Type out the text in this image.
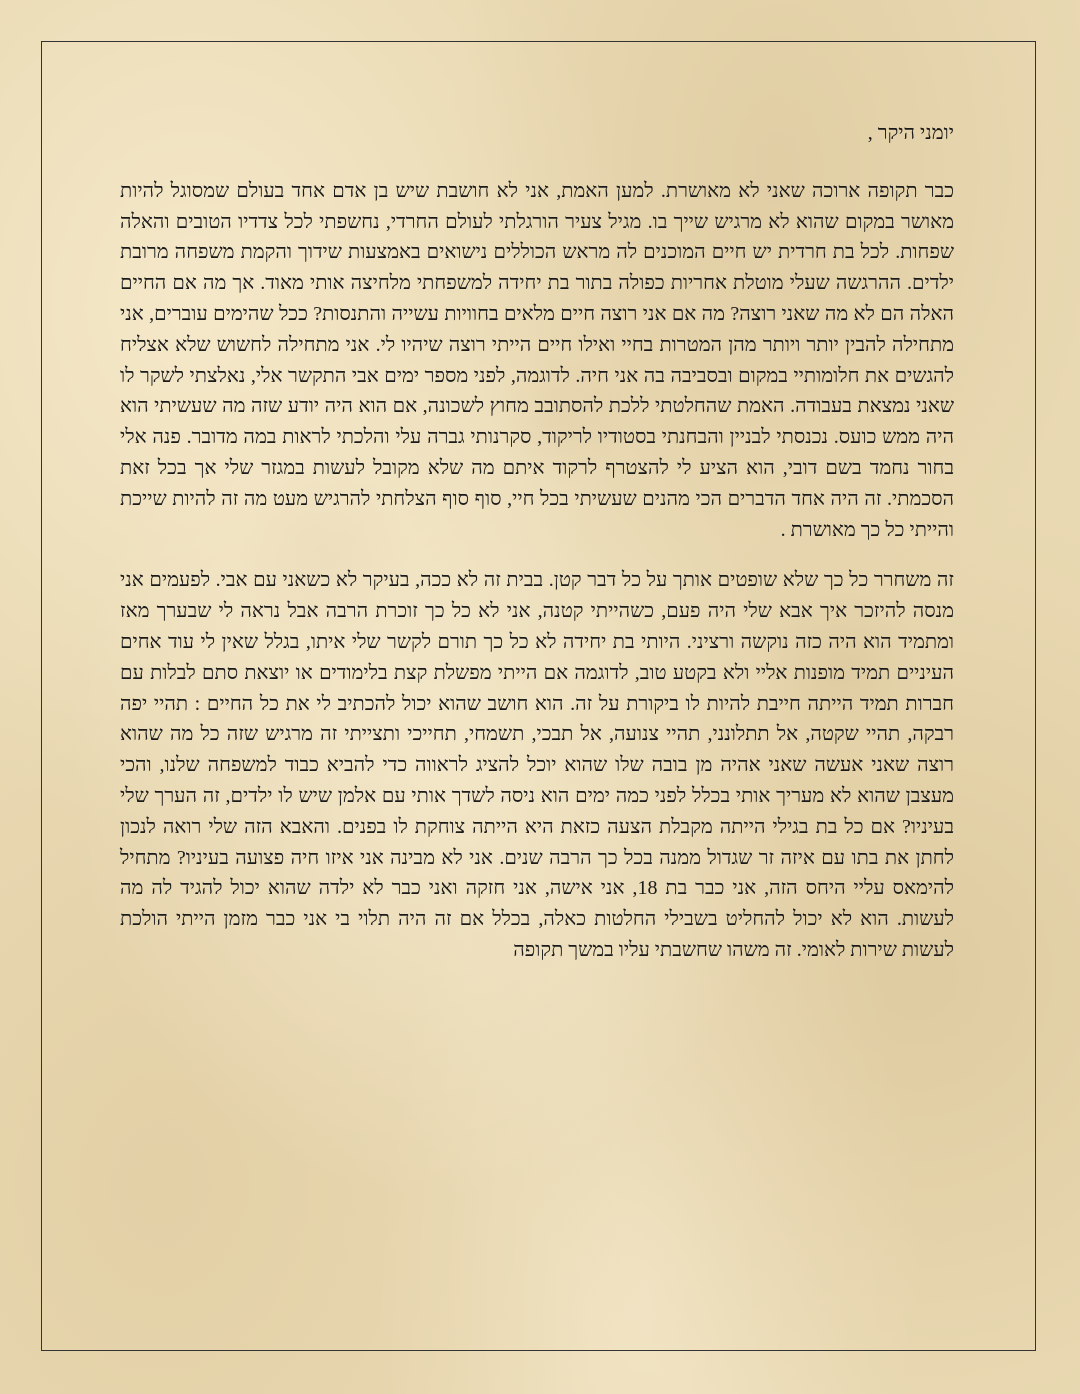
יומני היקר ,

כבר תקופה ארוכה שאני לא מאושרת. למען האמת, אני לא חושבת שיש בן אדם אחד בעולם שמסוגל להיות מאושר במקום שהוא לא מרגיש שייך בו. מגיל צעיר הורגלתי לעולם החרדי, נחשפתי לכל צדדיו הטובים והאלה שפחות. לכל בת חרדית יש חיים המוכנים לה מראש הכוללים נישואים באמצעות שידוך והקמת משפחה מרובת ילדים. ההרגשה שעלי מוטלת אחריות כפולה בתור בת יחידה למשפחתי מלחיצה אותי מאוד. אך מה אם החיים האלה הם לא מה שאני רוצה? מה אם אני רוצה חיים מלאים בחוויות עשייה והתנסות? ככל שהימים עוברים, אני מתחילה להבין יותר ויותר מהן המטרות בחיי ואילו חיים הייתי רוצה שיהיו לי. אני מתחילה לחשוש שלא אצליח להגשים את חלומותיי במקום ובסביבה בה אני חיה. לדוגמה, לפני מספר ימים אבי התקשר אלי, נאלצתי לשקר לו שאני נמצאת בעבודה. האמת שהחלטתי ללכת להסתובב מחוץ לשכונה, אם הוא היה יודע שזה מה שעשיתי הוא היה ממש כועס. נכנסתי לבניין והבחנתי בסטודיו לריקוד, סקרנותי גברה עלי והלכתי לראות במה מדובר. פנה אלי בחור נחמד בשם דובי, הוא הציע לי להצטרף לרקוד איתם מה שלא מקובל לעשות במגזר שלי אך בכל זאת הסכמתי. זה היה אחד הדברים הכי מהנים שעשיתי בכל חיי, סוף סוף הצלחתי להרגיש מעט מה זה להיות שייכת והייתי כל כך מאושרת .

זה משחרר כל כך שלא שופטים אותך על כל דבר קטן. בבית זה לא ככה, בעיקר לא כשאני עם אבי. לפעמים אני מנסה להיזכר איך אבא שלי היה פעם, כשהייתי קטנה, אני לא כל כך זוכרת הרבה אבל נראה לי שבערך מאז ומתמיד הוא היה כזה נוקשה ורציני. היותי בת יחידה לא כל כך תורם לקשר שלי איתו, בגלל שאין לי עוד אחים העיניים תמיד מופנות אליי ולא בקטע טוב, לדוגמה אם הייתי מפשלת קצת בלימודים או יוצאת סתם לבלות עם חברות תמיד הייתה חייבת להיות לו ביקורת על זה. הוא חושב שהוא יכול להכתיב לי את כל החיים : תהיי יפה רבקה, תהיי שקטה, אל תתלונני, תהיי צנועה, אל תבכי, תשמחי, תחייכי ותצייתי זה מרגיש שזה כל מה שהוא רוצה שאני אעשה שאני אהיה מן בובה שלו שהוא יוכל להציג לראווה כדי להביא כבוד למשפחה שלנו, והכי מעצבן שהוא לא מעריך אותי בכלל לפני כמה ימים הוא ניסה לשדך אותי עם אלמן שיש לו ילדים, זה הערך שלי בעיניו? אם כל בת בגילי הייתה מקבלת הצעה כזאת היא הייתה צוחקת לו בפנים. והאבא הזה שלי רואה לנכון לחתן את בתו עם איזה זר שגדול ממנה בכל כך הרבה שנים. אני לא מבינה אני איזו חיה פצועה בעיניו? מתחיל להימאס עליי היחס הזה, אני כבר בת 18, אני אישה, אני חזקה ואני כבר לא ילדה שהוא יכול להגיד לה מה לעשות. הוא לא יכול להחליט בשבילי החלטות כאלה, בכלל אם זה היה תלוי בי אני כבר מזמן הייתי הולכת לעשות שירות לאומי. זה משהו שחשבתי עליו במשך תקופה
